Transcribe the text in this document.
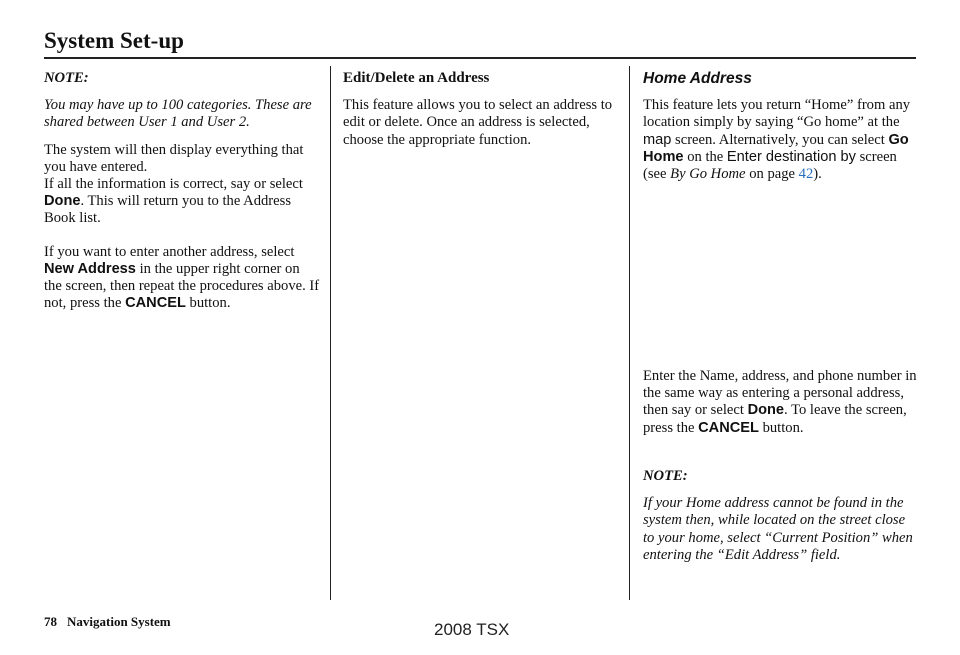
System Set-up

NOTE:

You may have up to 100 categories. These are shared between User 1 and User 2.

The system will then display everything that you have entered.

If all the information is correct, say or select Done. This will return you to the Address Book list.

If you want to enter another address, select New Address in the upper right corner on the screen, then repeat the procedures above. If not, press the CANCEL button.

Edit/Delete an Address

This feature allows you to select an address to edit or delete. Once an address is selected, choose the appropriate function.

Home Address

This feature lets you return “Home” from any location simply by saying “Go home” at the map screen. Alternatively, you can select Go Home on the Enter destination by screen (see By Go Home on page 42).

Enter the Name, address, and phone number in the same way as entering a personal address, then say or select Done. To leave the screen, press the CANCEL button.

NOTE:

If your Home address cannot be found in the system then, while located on the street close to your home, select “Current Position” when entering the “Edit Address” field.

78 Navigation System	2008 TSX
